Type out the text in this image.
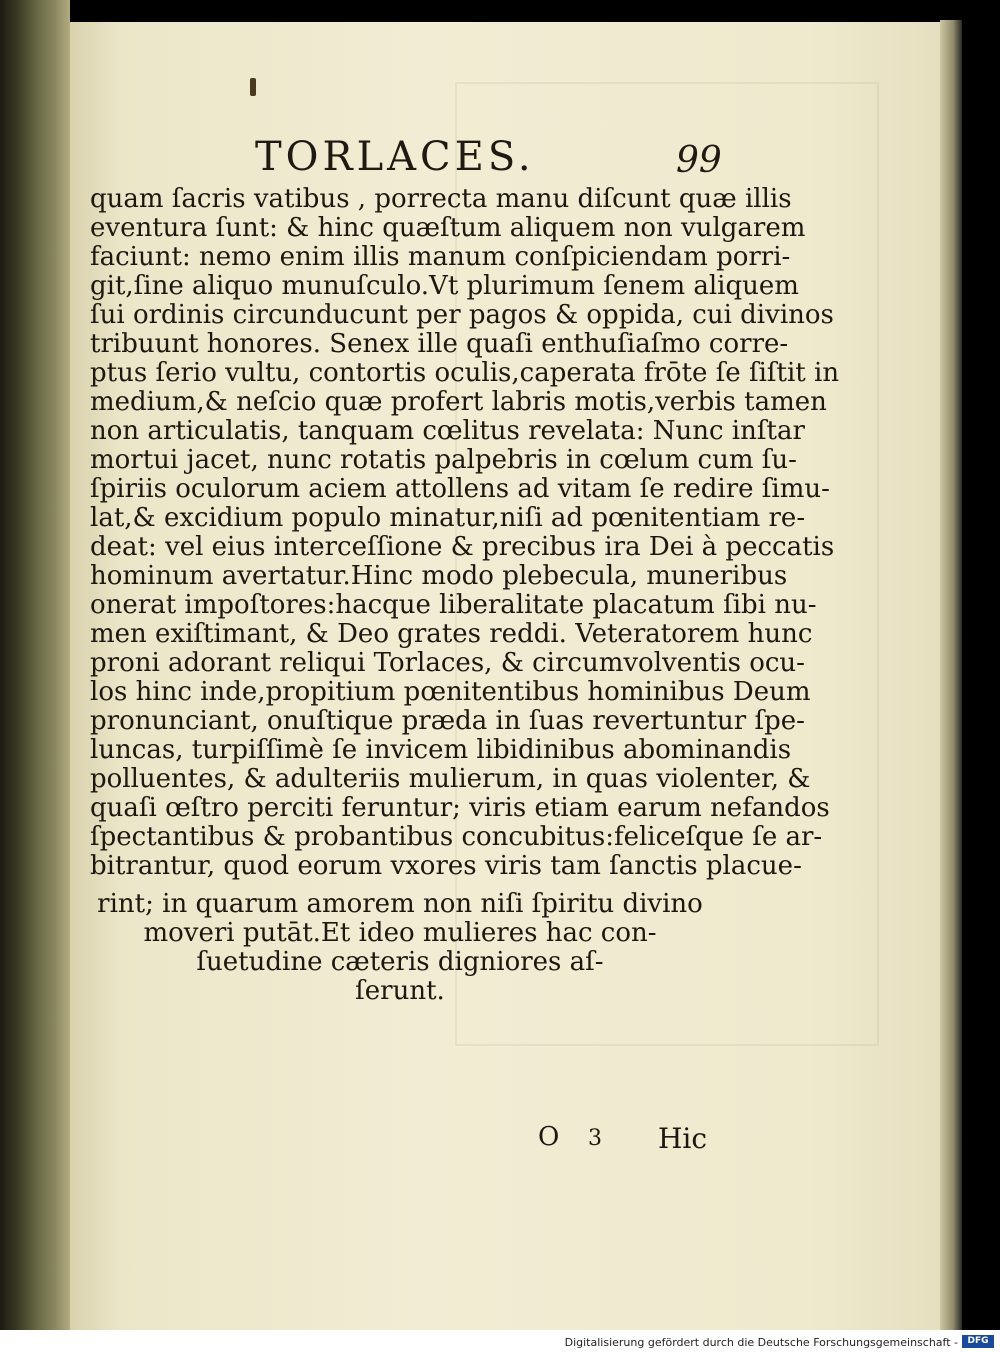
TORLACES.	99
quam ſacris vatibus , porrecta manu diſcunt quæ illis
eventura ſunt: & hinc quæſtum aliquem non vulgarem
faciunt: nemo enim illis manum conſpiciendam porri-
git,ſine aliquo munuſculo.Vt plurimum ſenem aliquem
ſui ordinis circunducunt per pagos & oppida, cui divinos
tribuunt honores. Senex ille quaſi enthuſiaſmo corre-
ptus ſerio vultu, contortis oculis,caperata frōte ſe ſiſtit in
medium,& neſcio quæ profert labris motis,verbis tamen
non articulatis, tanquam cœlitus revelata: Nunc inſtar
mortui jacet, nunc rotatis palpebris in cœlum cum ſu-
ſpiriis oculorum aciem attollens ad vitam ſe redire ſimu-
lat,& excidium populo minatur,niſi ad pœnitentiam re-
deat: vel eius interceſſione & precibus ira Dei à peccatis
hominum avertatur.Hinc modo plebecula, muneribus
onerat impoſtores:hacque liberalitate placatum ſibi nu-
men exiſtimant, & Deo grates reddi. Veteratorem hunc
proni adorant reliqui Torlaces, & circumvolventis ocu-
los hinc inde,propitium pœnitentibus hominibus Deum
pronunciant, onuſtique præda in ſuas revertuntur ſpe-
luncas, turpiſſimè ſe invicem libidinibus abominandis
polluentes, & adulteriis mulierum, in quas violenter, &
quaſi œſtro perciti feruntur; viris etiam earum nefandos
ſpectantibus & probantibus concubitus:feliceſque ſe ar-
bitrantur, quod eorum vxores viris tam ſanctis placue-
rint; in quarum amorem non niſi ſpiritu divino
moveri putāt.Et ideo mulieres hac con-
ſuetudine cæteris digniores aſ-
ſerunt.
O 3 Hic
Digitalisierung gefördert durch die Deutsche Forschungsgemeinschaft -	DFG
